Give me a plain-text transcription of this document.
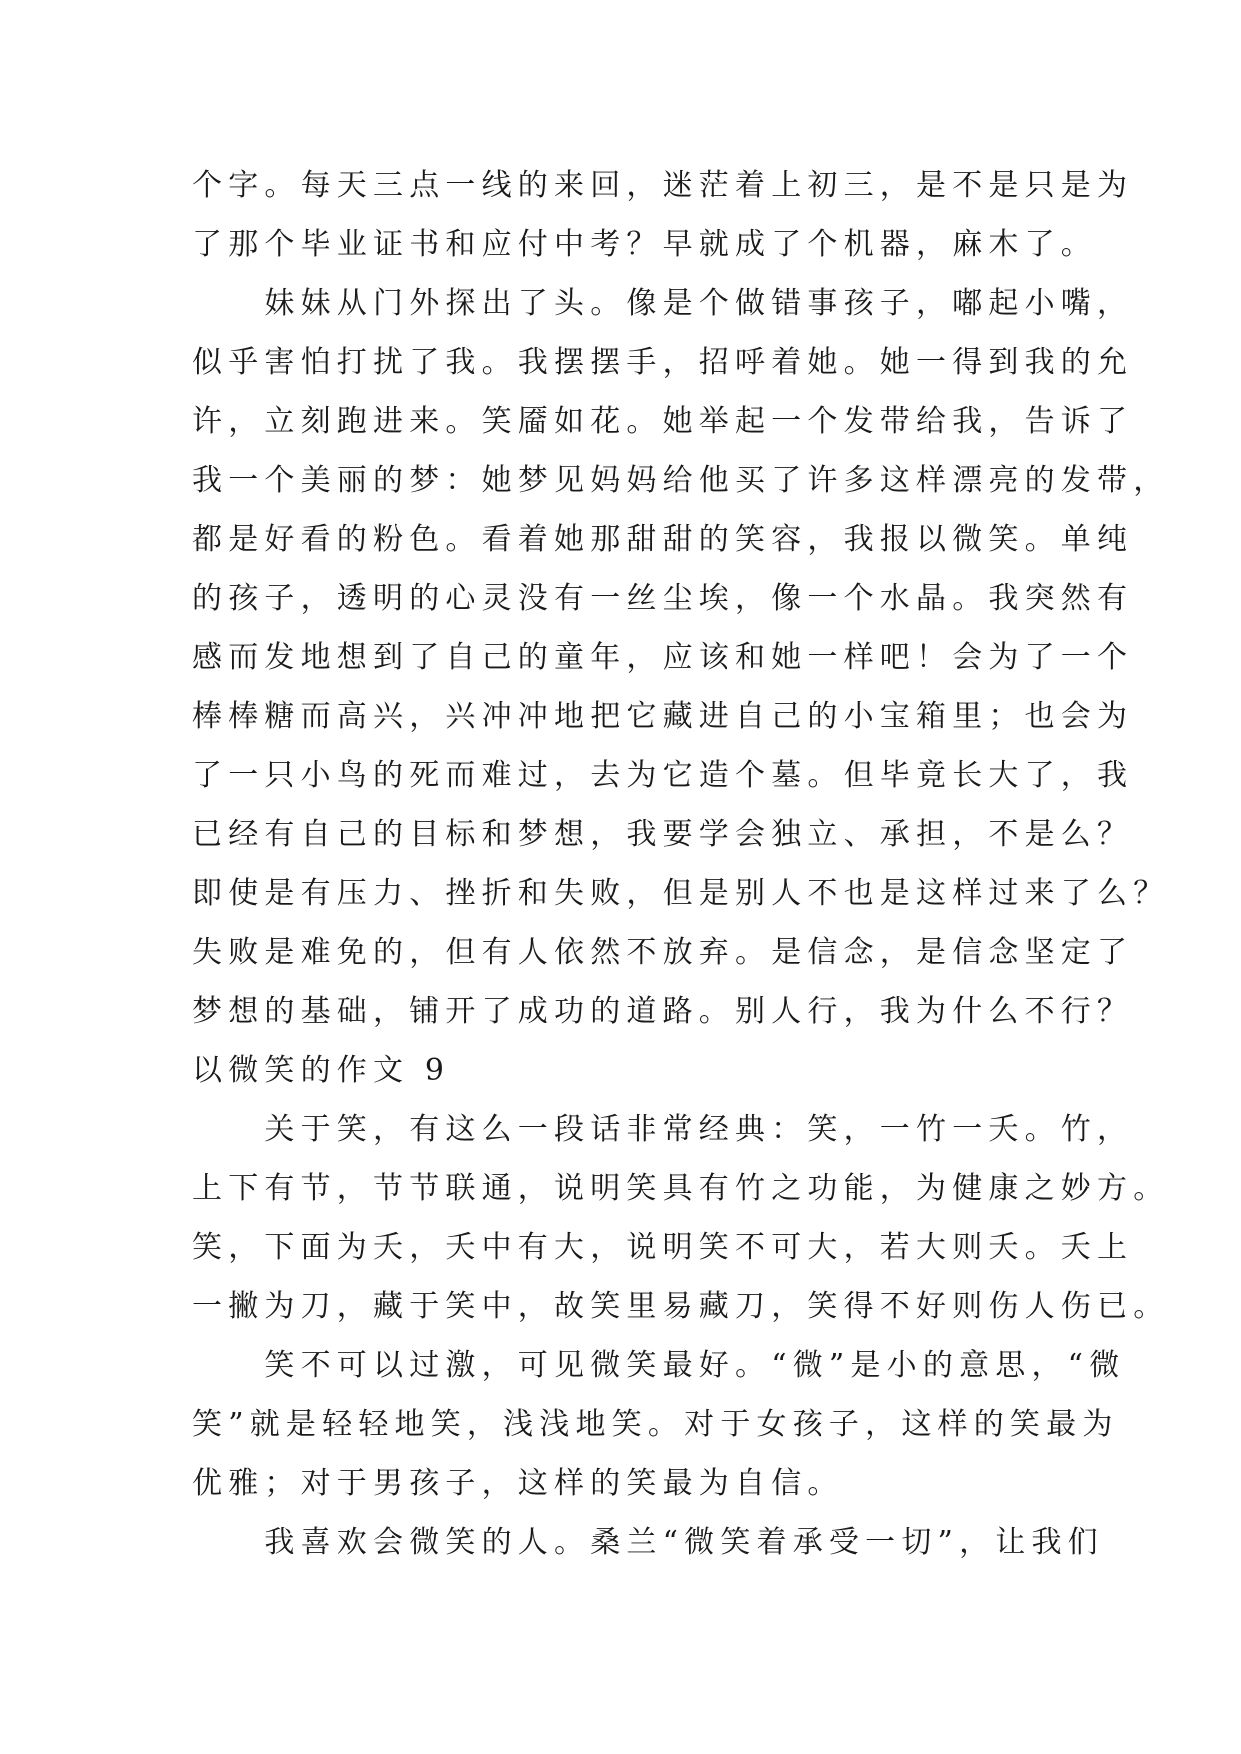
个字。每天三点一线的来回，迷茫着上初三，是不是只是为
了那个毕业证书和应付中考？早就成了个机器，麻木了。
　　妹妹从门外探出了头。像是个做错事孩子，嘟起小嘴，
似乎害怕打扰了我。我摆摆手，招呼着她。她一得到我的允
许，立刻跑进来。笑靥如花。她举起一个发带给我，告诉了
我一个美丽的梦：她梦见妈妈给他买了许多这样漂亮的发带，
都是好看的粉色。看着她那甜甜的笑容，我报以微笑。单纯
的孩子，透明的心灵没有一丝尘埃，像一个水晶。我突然有
感而发地想到了自己的童年，应该和她一样吧！会为了一个
棒棒糖而高兴，兴冲冲地把它藏进自己的小宝箱里；也会为
了一只小鸟的死而难过，去为它造个墓。但毕竟长大了，我
已经有自己的目标和梦想，我要学会独立、承担，不是么？
即使是有压力、挫折和失败，但是别人不也是这样过来了么？
失败是难免的，但有人依然不放弃。是信念，是信念坚定了
梦想的基础，铺开了成功的道路。别人行，我为什么不行？
以微笑的作文 9
　　关于笑，有这么一段话非常经典：笑，一竹一夭。竹，
上下有节，节节联通，说明笑具有竹之功能，为健康之妙方。
笑，下面为夭，夭中有大，说明笑不可大，若大则夭。夭上
一撇为刀，藏于笑中，故笑里易藏刀，笑得不好则伤人伤已。
　　笑不可以过激，可见微笑最好。“微”是小的意思，“微
笑”就是轻轻地笑，浅浅地笑。对于女孩子，这样的笑最为
优雅；对于男孩子，这样的笑最为自信。
　　我喜欢会微笑的人。桑兰“微笑着承受一切”，让我们
